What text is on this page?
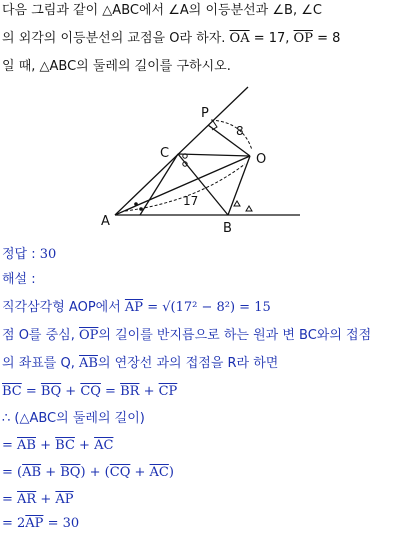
다음 그림과 같이 △ABC에서 ∠A의 이등분선과 ∠B, ∠C
의 외각의 이등분선의 교점을 O라 하자. $\overline{OA} = 17$, $\overline{OP} = 8$
일 때, △ABC의 둘레의 길이를 구하시오.
P
C	O
A	B
8
17
정답 : 30
해설 :
직각삼각형 AOP에서 $\overline{AP} = √(17^2 - 8^2) = 15$
점 O를 중심, $\overline{OP}$의 길이를 반지름으로 하는 원과 변 BC와의 접점
의 좌표를 Q, $\overline{AB}$의 연장선 과의 접점을 R라 하면
$\overline{BC} = \overline{BQ} + \overline{CQ} = \overline{BR} + \overline{CP}$
∴ (△ABC의 둘레의 길이)
= $\overline{AB} + \overline{BC} + \overline{AC}$
= $(\overline{AB} + \overline{BQ}) + (\overline{CQ} + \overline{AC})$
= $\overline{AR} + \overline{AP}$
= $2\overline{AP} = 30$
